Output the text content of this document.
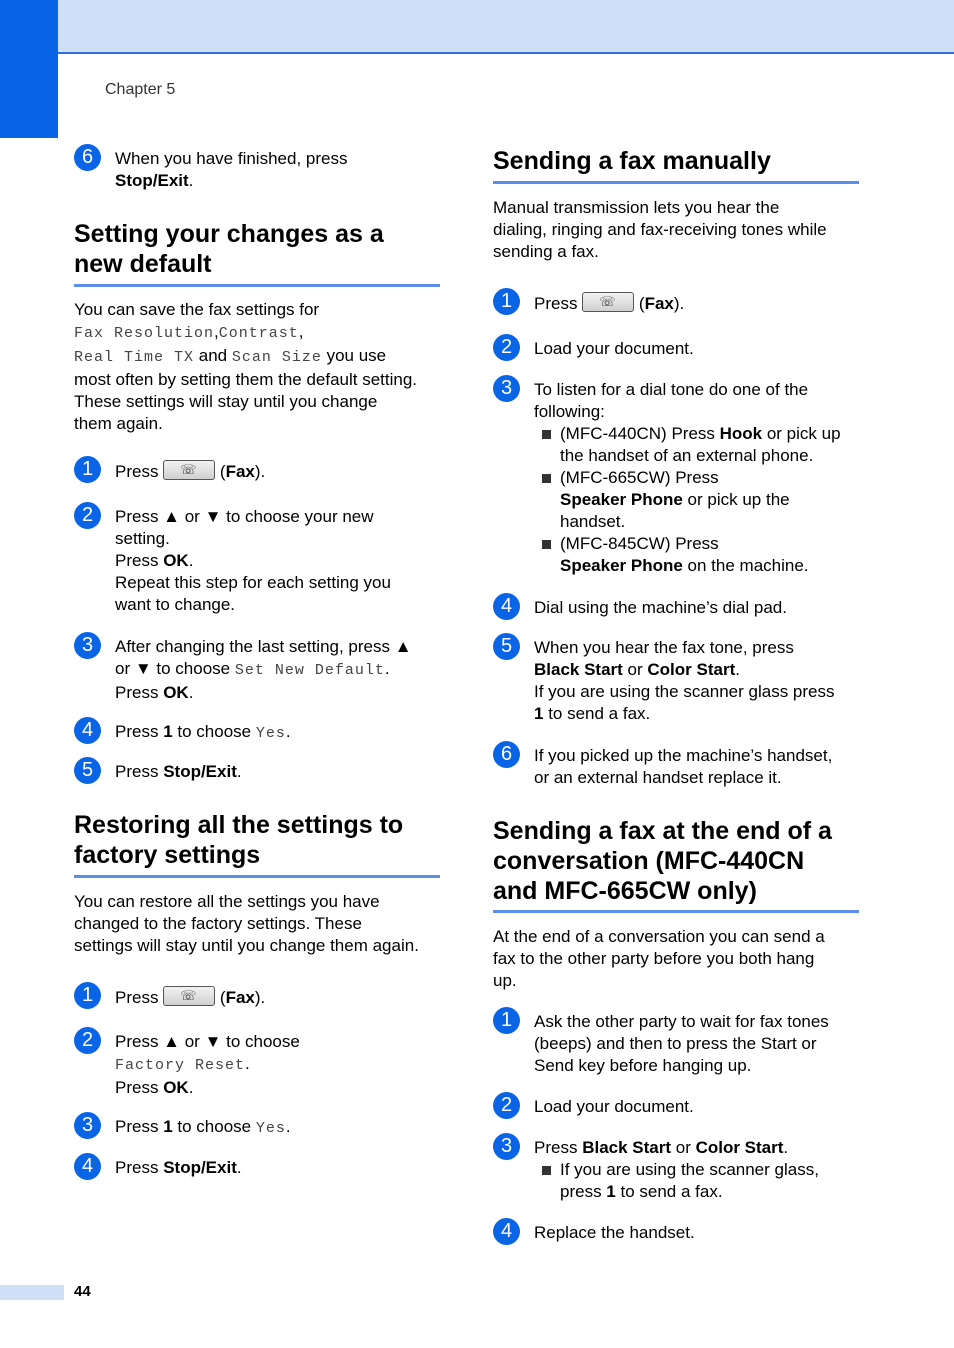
Chapter 5
6	When you have finished, press
Stop/Exit.
Setting your changes as a
new default
You can save the fax settings for
Fax Resolution,Contrast,
Real Time TX and Scan Size you use
most often by setting them the default setting.
These settings will stay until you change
them again.
1	Press ☏ (Fax).
2	Press ▲ or ▼ to choose your new
setting.
Press OK.
Repeat this step for each setting you
want to change.
3	After changing the last setting, press ▲
or ▼ to choose Set New Default.
Press OK.
4	Press 1 to choose Yes.
5	Press Stop/Exit.
Restoring all the settings to
factory settings
You can restore all the settings you have
changed to the factory settings. These
settings will stay until you change them again.
1	Press ☏ (Fax).
2	Press ▲ or ▼ to choose
Factory Reset.
Press OK.
3	Press 1 to choose Yes.
4	Press Stop/Exit.
Sending a fax manually
Manual transmission lets you hear the
dialing, ringing and fax-receiving tones while
sending a fax.
1	Press ☏ (Fax).
2	Load your document.
3	To listen for a dial tone do one of the
following:
(MFC-440CN) Press Hook or pick up
the handset of an external phone.
(MFC-665CW) Press
Speaker Phone or pick up the
handset.
(MFC-845CW) Press
Speaker Phone on the machine.
4	Dial using the machine’s dial pad.
5	When you hear the fax tone, press
Black Start or Color Start.
If you are using the scanner glass press
1 to send a fax.
6	If you picked up the machine’s handset,
or an external handset replace it.
Sending a fax at the end of a
conversation (MFC-440CN
and MFC-665CW only)
At the end of a conversation you can send a
fax to the other party before you both hang
up.
1	Ask the other party to wait for fax tones
(beeps) and then to press the Start or
Send key before hanging up.
2	Load your document.
3	Press Black Start or Color Start.
If you are using the scanner glass,
press 1 to send a fax.
4	Replace the handset.
44
